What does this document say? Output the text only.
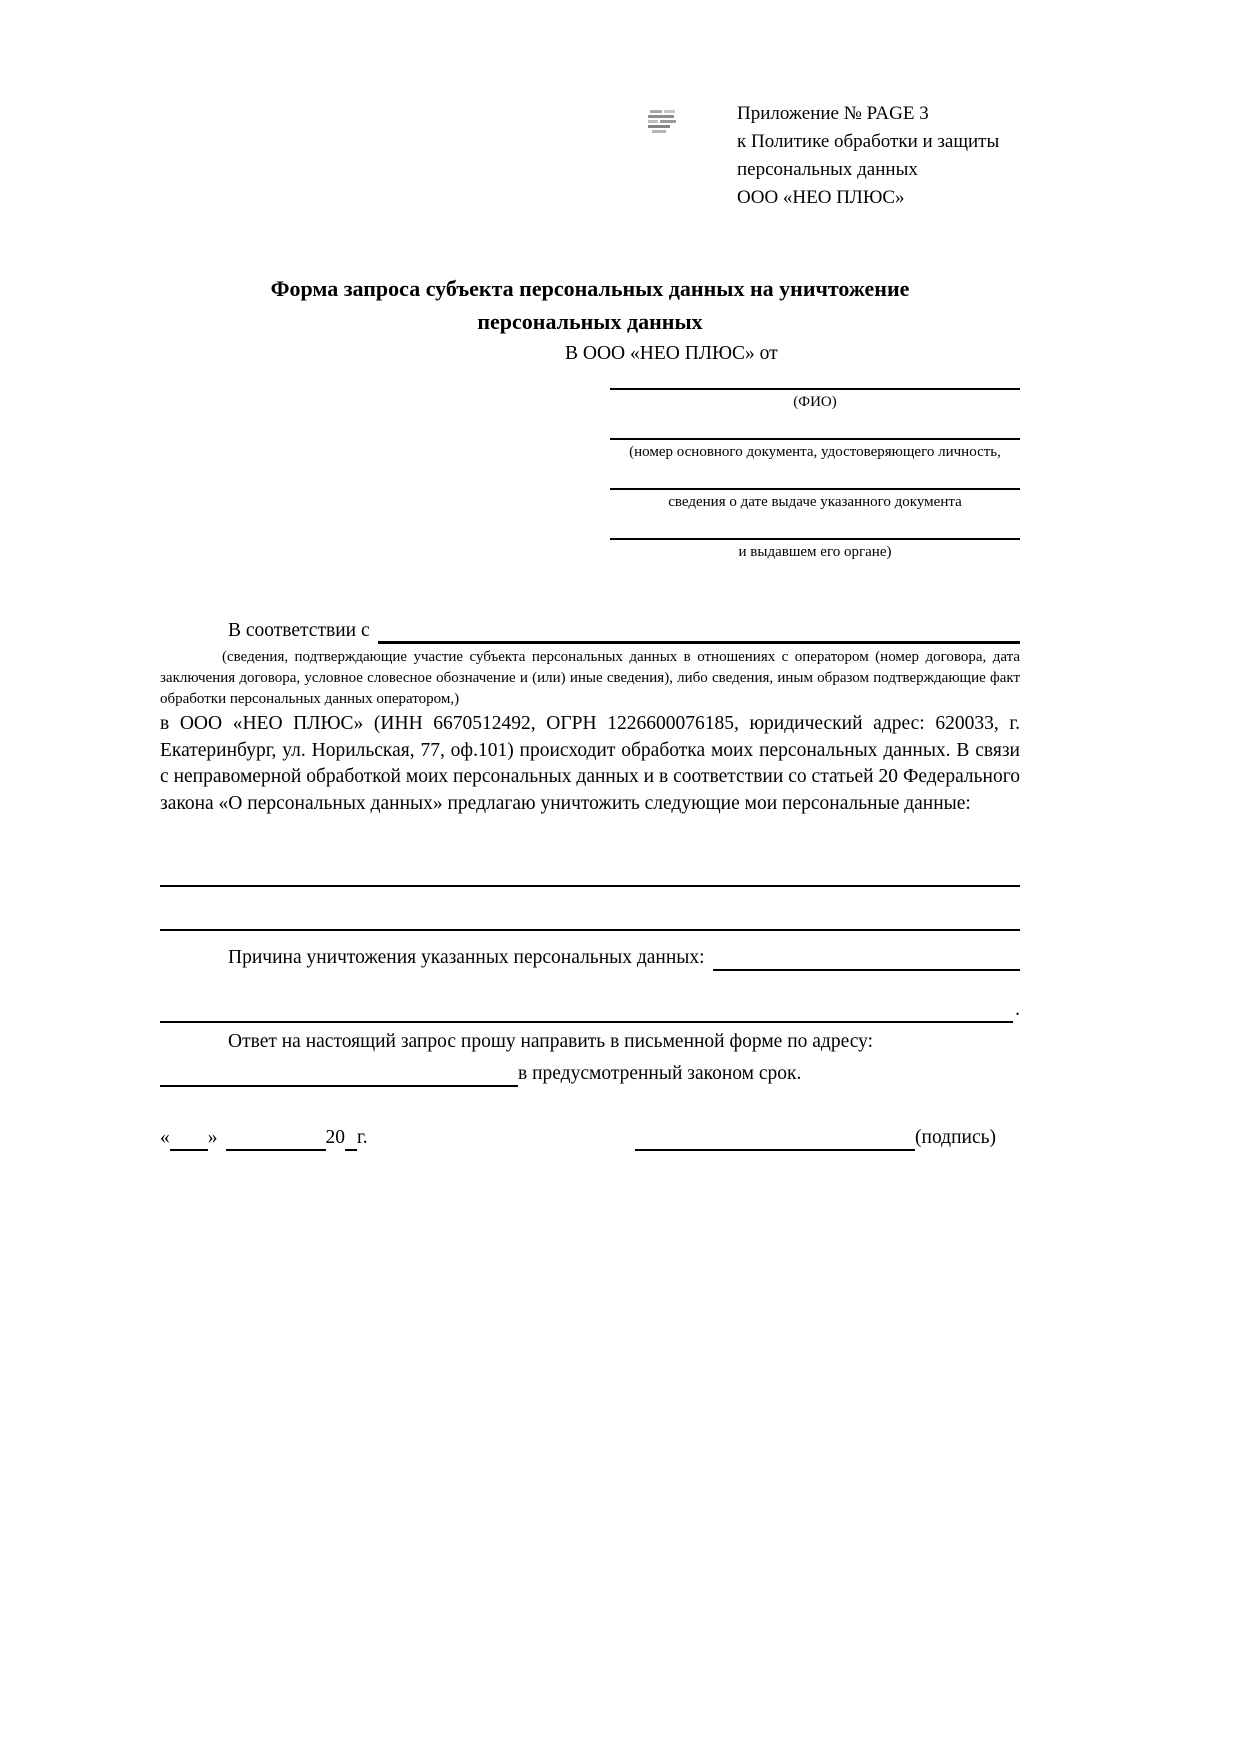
Приложение № PAGE 3
к Политике обработки и защиты
персональных данных
ООО «НЕО ПЛЮС»
Форма запроса субъекта персональных данных на уничтожение
персональных данных
В ООО «НЕО ПЛЮС» от
(ФИО)
(номер основного документа, удостоверяющего личность,
сведения о дате выдаче указанного документа
и выдавшем его органе)
В соответствии с
(сведения, подтверждающие участие субъекта персональных данных в отношениях с оператором (номер договора, дата заключения договора, условное словесное обозначение и (или) иные сведения), либо сведения, иным образом подтверждающие факт обработки персональных данных оператором,)
в ООО «НЕО ПЛЮС» (ИНН 6670512492, ОГРН 1226600076185, юридический адрес: 620033, г. Екатеринбург, ул. Норильская, 77, оф.101) происходит обработка моих персональных данных. В связи с неправомерной обработкой моих персональных данных и в соответствии со статьей 20 Федерального закона «О персональных данных» предлагаю уничтожить следующие мои персональные данные:
Причина уничтожения указанных персональных данных:
.
Ответ на настоящий запрос прошу направить в письменной форме по адресу:
в предусмотренный законом срок.
« »	20 г.	(подпись)
